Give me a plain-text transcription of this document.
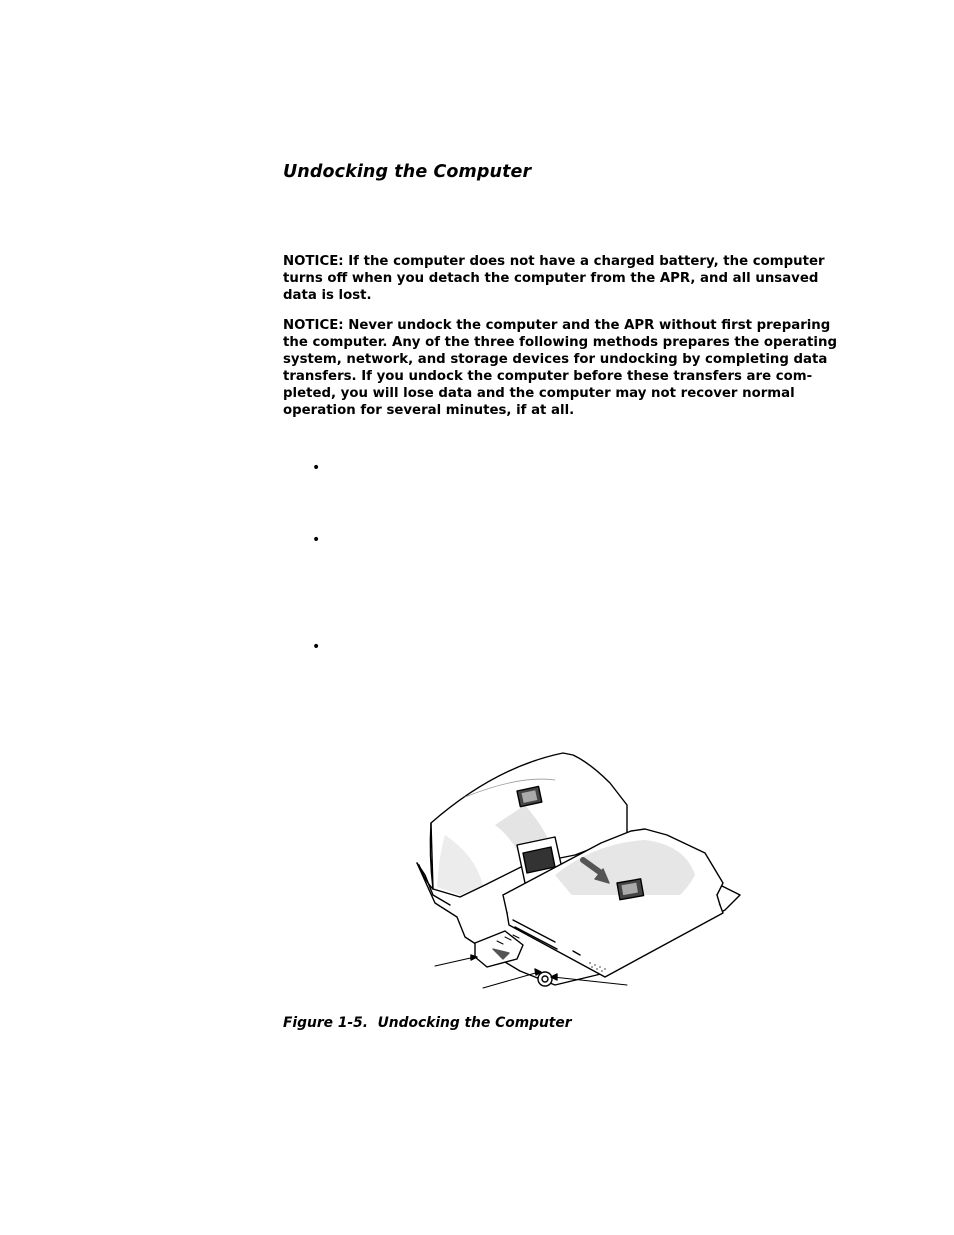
Undocking the Computer

NOTICE: If the computer does not have a charged battery, the computer
turns off when you detach the computer from the APR, and all unsaved
data is lost.

NOTICE: Never undock the computer and the APR without first preparing
the computer. Any of the three following methods prepares the operating
system, network, and storage devices for undocking by completing data
transfers. If you undock the computer before these transfers are com-
pleted, you will lose data and the computer may not recover normal
operation for several minutes, if at all.

•
•
•

Figure 1-5.  Undocking the Computer
